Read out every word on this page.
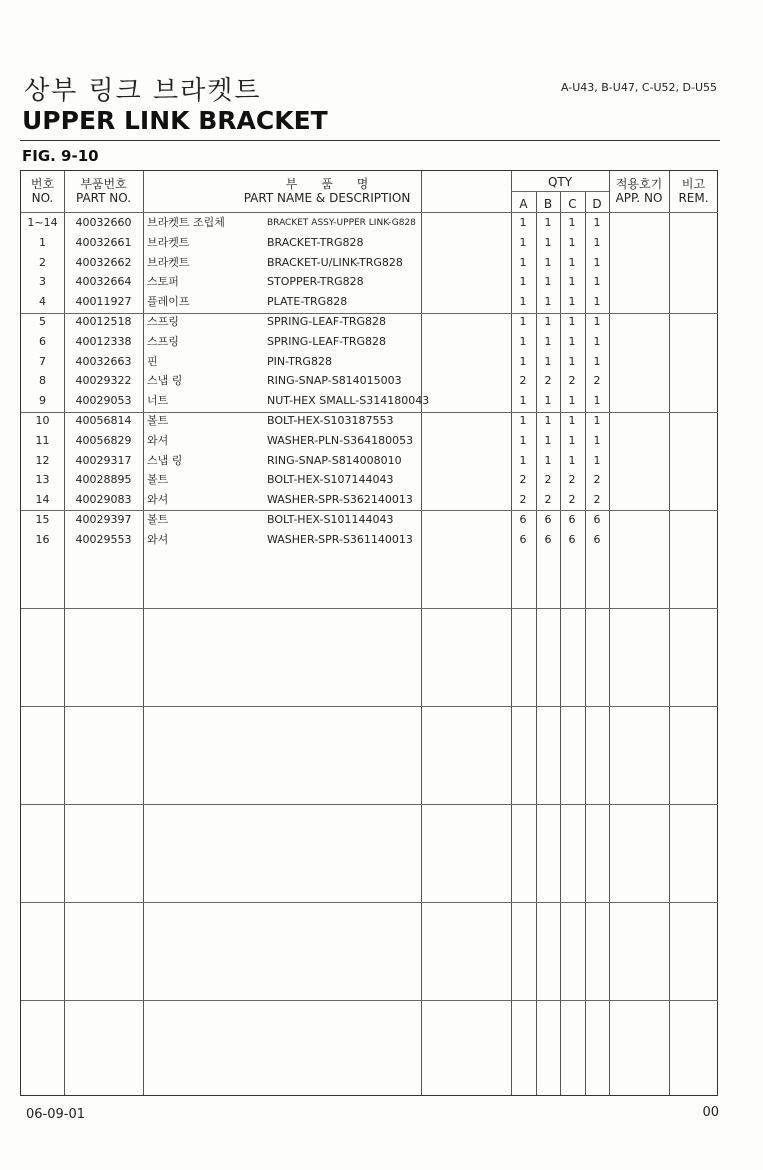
상부 링크 브라켓트
UPPER LINK BRACKET
A-U43, B-U47, C-U52, D-U55
FIG. 9-10
번호
NO.
부품번호
PART NO.
부　　품　　명
PART NAME & DESCRIPTION
QTY
A	B	C	D
적용호기
APP. NO
비고
REM.
1~14	40032660	브라켓트 조립체	BRACKET ASSY-UPPER LINK-G828	1	1	1	1
1	40032661	브라켓트	BRACKET-TRG828	1	1	1	1
2	40032662	브라켓트	BRACKET-U/LINK-TRG828	1	1	1	1
3	40032664	스토퍼	STOPPER-TRG828	1	1	1	1
4	40011927	플레이프	PLATE-TRG828	1	1	1	1
5	40012518	스프링	SPRING-LEAF-TRG828	1	1	1	1
6	40012338	스프링	SPRING-LEAF-TRG828	1	1	1	1
7	40032663	핀	PIN-TRG828	1	1	1	1
8	40029322	스냅 링	RING-SNAP-S814015003	2	2	2	2
9	40029053	너트	NUT-HEX SMALL-S314180043	1	1	1	1
10	40056814	볼트	BOLT-HEX-S103187553	1	1	1	1
11	40056829	와셔	WASHER-PLN-S364180053	1	1	1	1
12	40029317	스냅 링	RING-SNAP-S814008010	1	1	1	1
13	40028895	볼트	BOLT-HEX-S107144043	2	2	2	2
14	40029083	와셔	WASHER-SPR-S362140013	2	2	2	2
15	40029397	볼트	BOLT-HEX-S101144043	6	6	6	6
16	40029553	와셔	WASHER-SPR-S361140013	6	6	6	6
06-09-01	00
